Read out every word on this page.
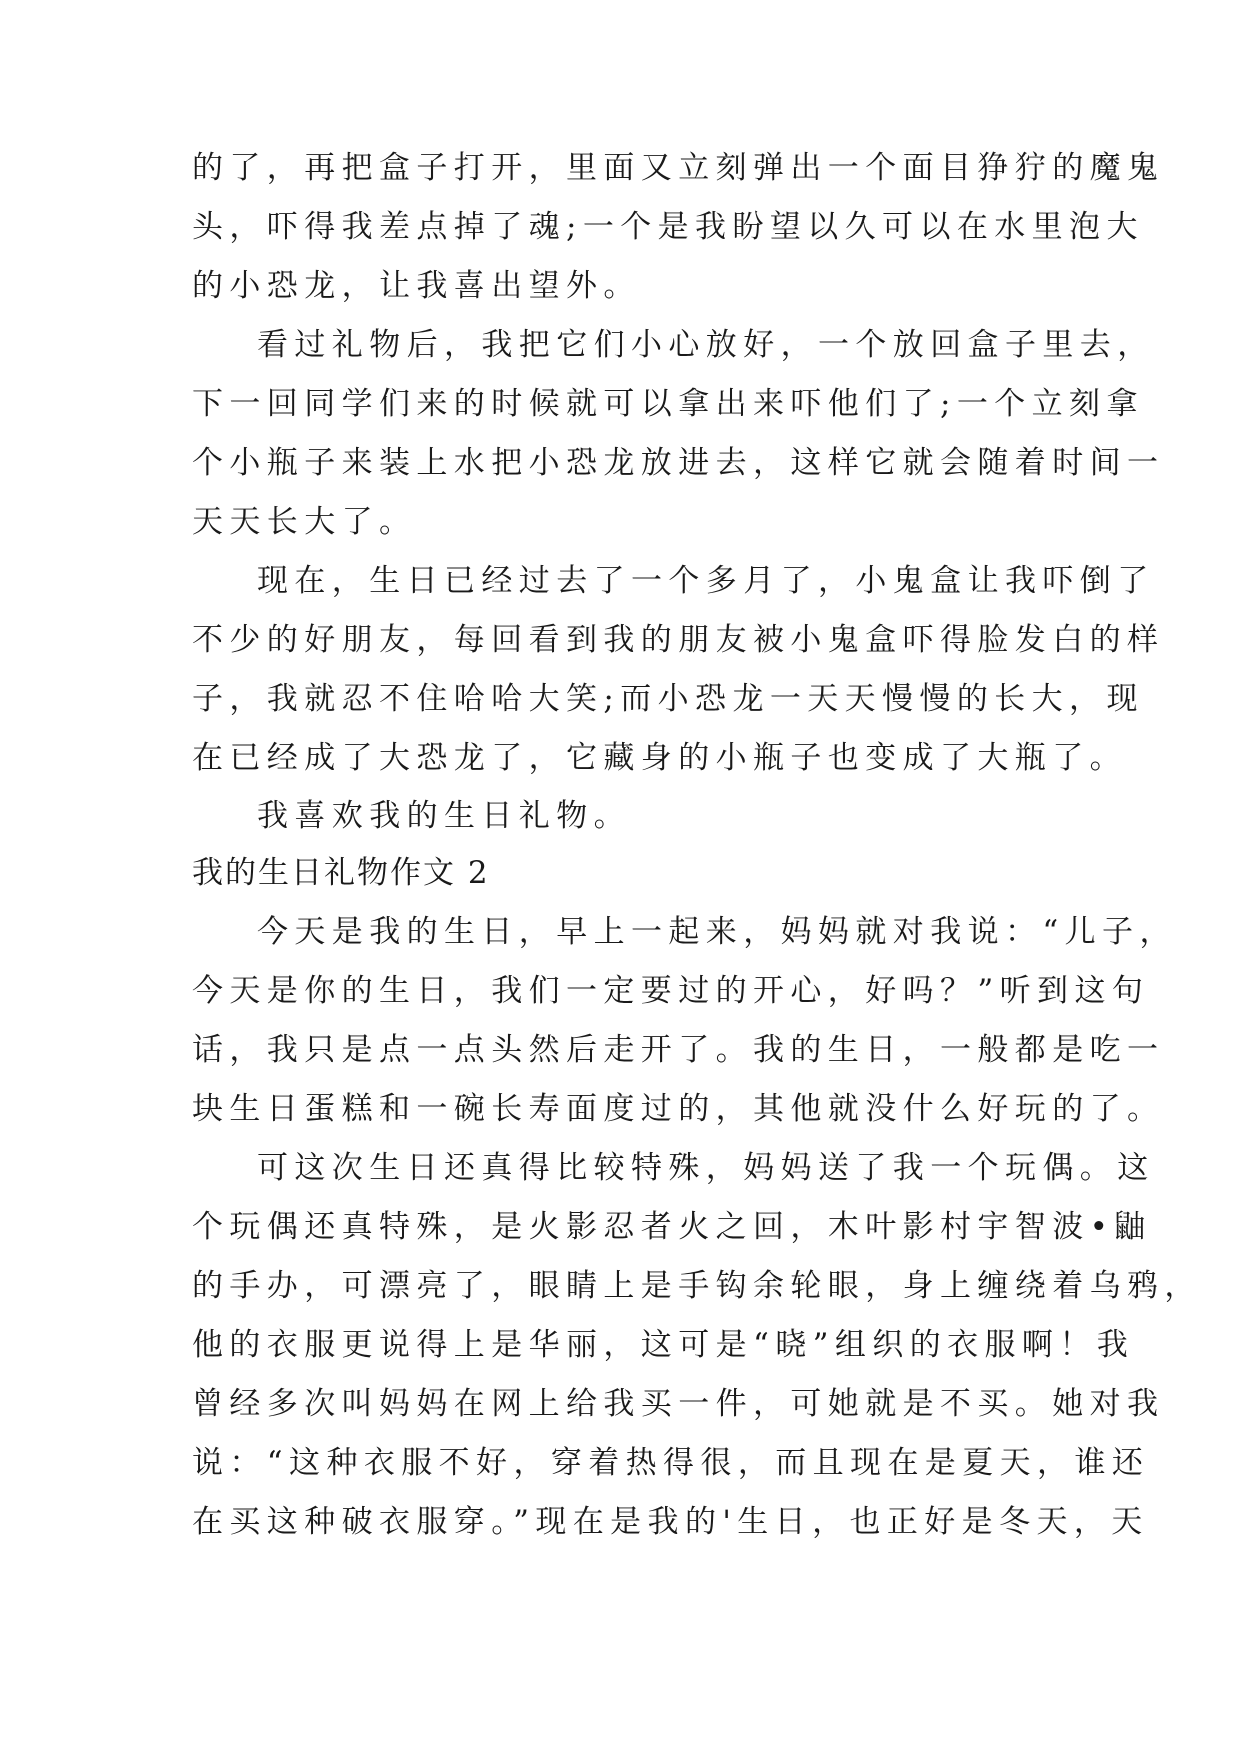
的了，再把盒子打开，里面又立刻弹出一个面目狰狞的魔鬼
头，吓得我差点掉了魂;一个是我盼望以久可以在水里泡大
的小恐龙，让我喜出望外。
看过礼物后，我把它们小心放好，一个放回盒子里去，
下一回同学们来的时候就可以拿出来吓他们了;一个立刻拿
个小瓶子来装上水把小恐龙放进去，这样它就会随着时间一
天天长大了。
现在，生日已经过去了一个多月了，小鬼盒让我吓倒了
不少的好朋友，每回看到我的朋友被小鬼盒吓得脸发白的样
子，我就忍不住哈哈大笑;而小恐龙一天天慢慢的长大，现
在已经成了大恐龙了，它藏身的小瓶子也变成了大瓶了。
我喜欢我的生日礼物。
我的生日礼物作文 2
今天是我的生日，早上一起来，妈妈就对我说：“儿子，
今天是你的生日，我们一定要过的开心，好吗？”听到这句
话，我只是点一点头然后走开了。我的生日，一般都是吃一
块生日蛋糕和一碗长寿面度过的，其他就没什么好玩的了。
可这次生日还真得比较特殊，妈妈送了我一个玩偶。这
个玩偶还真特殊，是火影忍者火之回，木叶影村宇智波•鼬
的手办，可漂亮了，眼睛上是手钩余轮眼，身上缠绕着乌鸦，
他的衣服更说得上是华丽，这可是“晓”组织的衣服啊！我
曾经多次叫妈妈在网上给我买一件，可她就是不买。她对我
说：“这种衣服不好，穿着热得很，而且现在是夏天，谁还
在买这种破衣服穿。”现在是我的'生日，也正好是冬天，天
